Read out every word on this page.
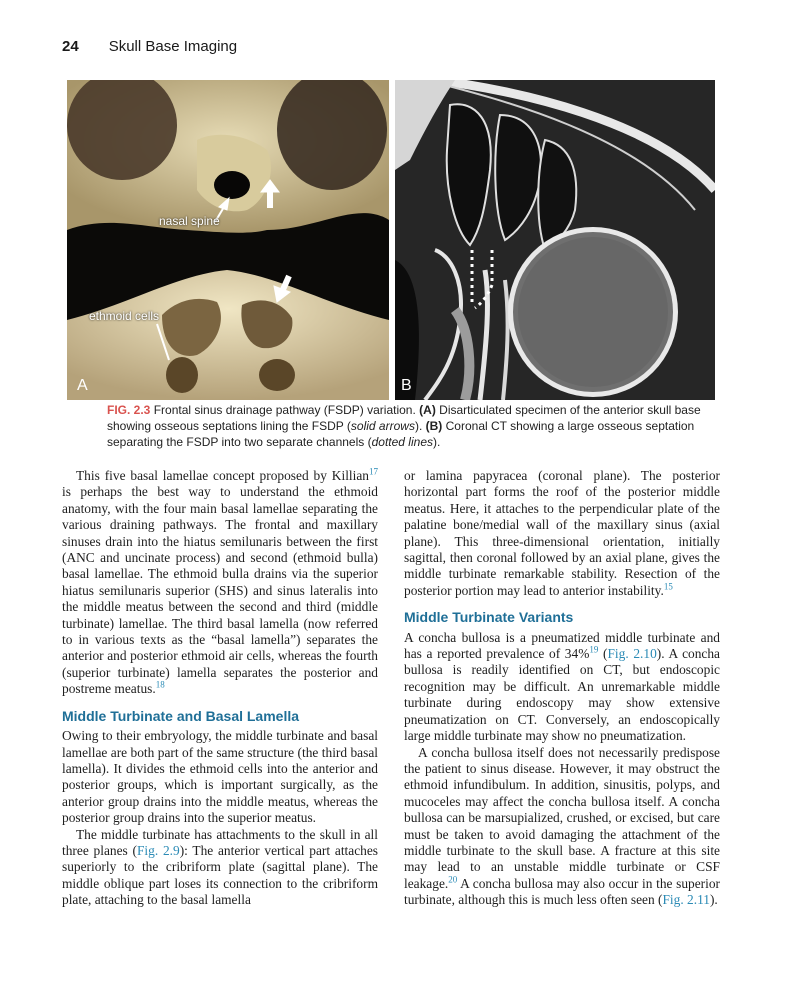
24 Skull Base Imaging
nasal spine
ethmoid cells
A	B
FIG. 2.3 Frontal sinus drainage pathway (FSDP) variation. (A) Disarticulated specimen of the anterior skull base showing osseous septations lining the FSDP (solid arrows). (B) Coronal CT showing a large osseous septation separating the FSDP into two separate channels (dotted lines).

This five basal lamellae concept proposed by Killian$^{17}$ is perhaps the best way to understand the ethmoid anatomy, with the four main basal lamellae separating the various draining pathways. The frontal and maxillary sinuses drain into the hiatus semilunaris between the first (ANC and uncinate process) and second (ethmoid bulla) basal lamellae. The ethmoid bulla drains via the superior hiatus semilunaris superior (SHS) and sinus lateralis into the middle meatus between the second and third (middle turbinate) lamellae. The third basal lamella (now referred to in various texts as the “basal lamella”) separates the anterior and posterior ethmoid air cells, whereas the fourth (superior turbinate) lamella separates the posterior and postreme meatus.$^{18}$

Middle Turbinate and Basal Lamella

Owing to their embryology, the middle turbinate and basal lamellae are both part of the same structure (the third basal lamella). It divides the ethmoid cells into the anterior and posterior groups, which is important surgically, as the anterior group drains into the middle meatus, whereas the posterior group drains into the superior meatus.

The middle turbinate has attachments to the skull in all three planes (Fig. 2.9): The anterior vertical part attaches superiorly to the cribriform plate (sagittal plane). The middle oblique part loses its connection to the cribriform plate, attaching to the basal lamella

or lamina papyracea (coronal plane). The posterior horizontal part forms the roof of the posterior middle meatus. Here, it attaches to the perpendicular plate of the palatine bone/medial wall of the maxillary sinus (axial plane). This three-dimensional orientation, initially sagittal, then coronal followed by an axial plane, gives the middle turbinate remarkable stability. Resection of the posterior portion may lead to anterior instability.$^{15}$

Middle Turbinate Variants

A concha bullosa is a pneumatized middle turbinate and has a reported prevalence of 34%$^{19}$ (Fig. 2.10). A concha bullosa is readily identified on CT, but endoscopic recognition may be difficult. An unremarkable middle turbinate during endoscopy may show extensive pneumatization on CT. Conversely, an endoscopically large middle turbinate may show no pneumatization.

A concha bullosa itself does not necessarily predispose the patient to sinus disease. However, it may obstruct the ethmoid infundibulum. In addition, sinusitis, polyps, and mucoceles may affect the concha bullosa itself. A concha bullosa can be marsupialized, crushed, or excised, but care must be taken to avoid damaging the attachment of the middle turbinate to the skull base. A fracture at this site may lead to an unstable middle turbinate or CSF leakage.$^{20}$ A concha bullosa may also occur in the superior turbinate, although this is much less often seen (Fig. 2.11).
